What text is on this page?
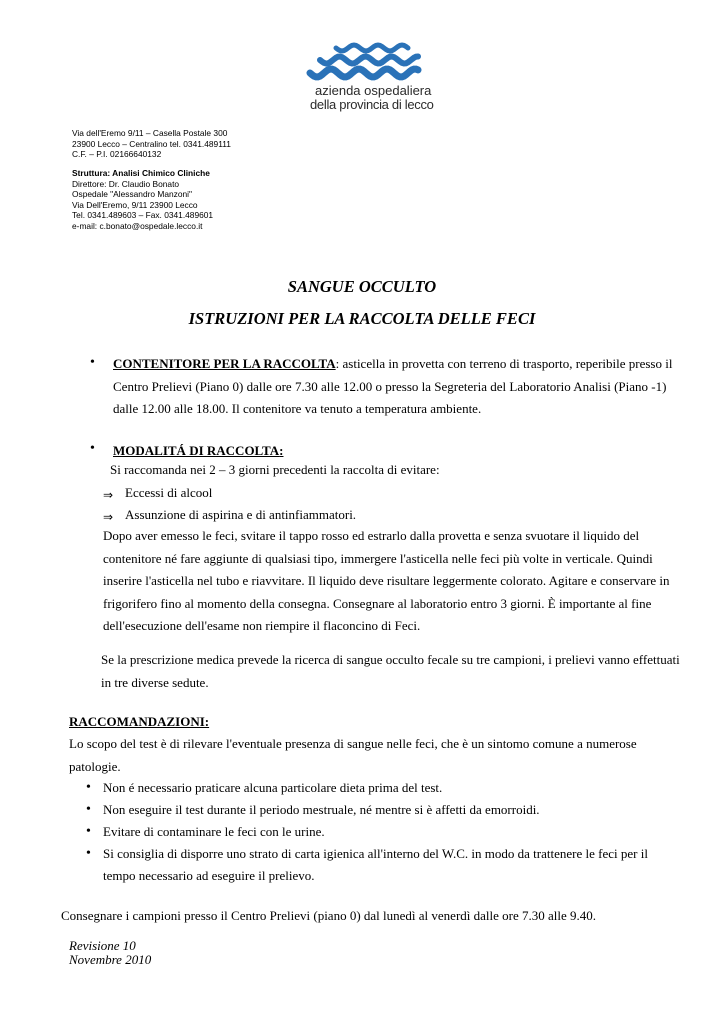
azienda ospedaliera
della provincia di lecco
Via dell'Eremo 9/11 – Casella Postale 300
23900 Lecco – Centralino tel. 0341.489111
C.F. – P.I. 02166640132
Struttura: Analisi Chimico Cliniche
Direttore: Dr. Claudio Bonato
Ospedale "Alessandro Manzoni"
Via Dell'Eremo, 9/11 23900 Lecco
Tel. 0341.489603 – Fax. 0341.489601
e-mail: c.bonato@ospedale.lecco.it
SANGUE OCCULTO
ISTRUZIONI PER LA RACCOLTA DELLE FECI
• CONTENITORE PER LA RACCOLTA: asticella in provetta con terreno di trasporto, reperibile presso il
Centro Prelievi (Piano 0) dalle ore 7.30 alle 12.00 o presso la Segreteria del Laboratorio Analisi (Piano -1)
dalle 12.00 alle 18.00. Il contenitore va tenuto a temperatura ambiente.
• MODALITÁ DI RACCOLTA:
Si raccomanda nei 2 – 3 giorni precedenti la raccolta di evitare:
⇒ Eccessi di alcool
⇒ Assunzione di aspirina e di antinfiammatori.
Dopo aver emesso le feci, svitare il tappo rosso ed estrarlo dalla provetta e senza svuotare il liquido del
contenitore né fare aggiunte di qualsiasi tipo, immergere l'asticella nelle feci più volte in verticale. Quindi
inserire l'asticella nel tubo e riavvitare. Il liquido deve risultare leggermente colorato. Agitare e conservare in
frigorifero fino al momento della consegna. Consegnare al laboratorio entro 3 giorni. È importante al fine
dell'esecuzione dell'esame non riempire il flaconcino di Feci.
Se la prescrizione medica prevede la ricerca di sangue occulto fecale su tre campioni, i prelievi vanno effettuati
in tre diverse sedute.
RACCOMANDAZIONI:
Lo scopo del test è di rilevare l'eventuale presenza di sangue nelle feci, che è un sintomo comune a numerose
patologie.
• Non é necessario praticare alcuna particolare dieta prima del test.
• Non eseguire il test durante il periodo mestruale, né mentre si è affetti da emorroidi.
• Evitare di contaminare le feci con le urine.
• Si consiglia di disporre uno strato di carta igienica all'interno del W.C. in modo da trattenere le feci per il
tempo necessario ad eseguire il prelievo.
Consegnare i campioni presso il Centro Prelievi (piano 0) dal lunedì al venerdì dalle ore 7.30 alle 9.40.
Revisione 10
Novembre 2010
